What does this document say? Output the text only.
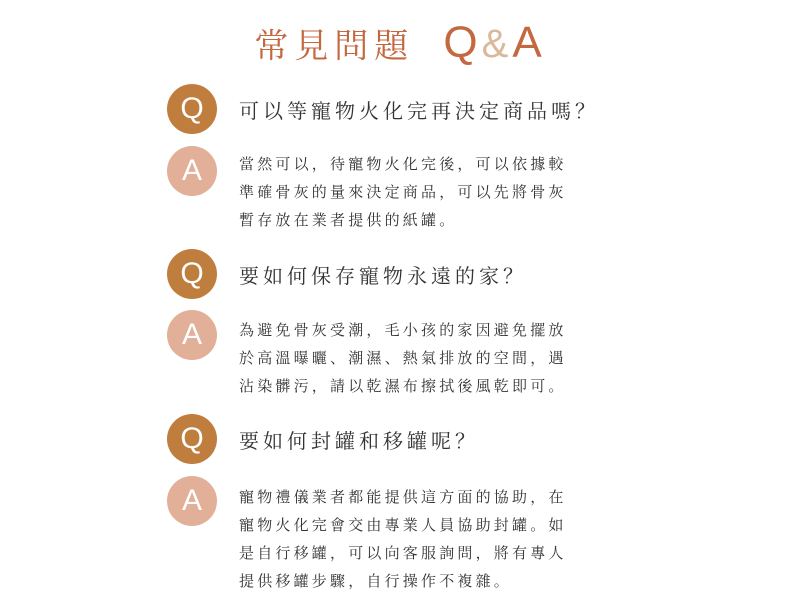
常見問題 Q&A
Q	可以等寵物火化完再決定商品嗎？
A	當然可以，待寵物火化完後，可以依據較準確骨灰的量來決定商品，可以先將骨灰暫存放在業者提供的紙罐。
Q	要如何保存寵物永遠的家？
A	為避免骨灰受潮，毛小孩的家因避免擺放於高溫曝曬、潮濕、熱氣排放的空間，遇沾染髒污，請以乾濕布擦拭後風乾即可。
Q	要如何封罐和移罐呢？
A	寵物禮儀業者都能提供這方面的協助，在寵物火化完會交由專業人員協助封罐。如是自行移罐，可以向客服詢問，將有專人提供移罐步驟，自行操作不複雜。
